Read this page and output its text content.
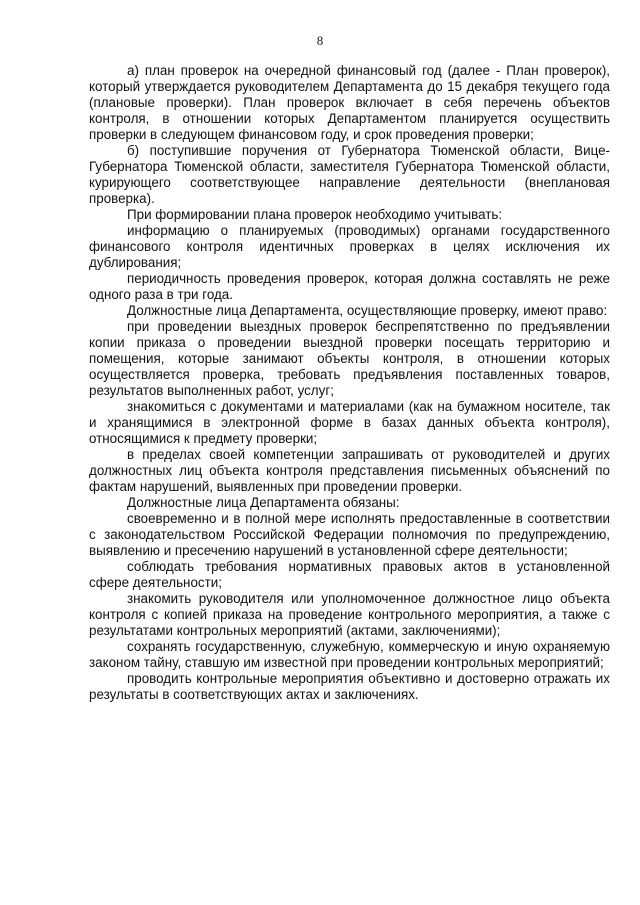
8

а) план проверок на очередной финансовый год (далее - План проверок), который утверждается руководителем Департамента до 15 декабря текущего года (плановые проверки). План проверок включает в себя перечень объектов контроля, в отношении которых Департаментом планируется осуществить проверки в следующем финансовом году, и срок проведения проверки;

б) поступившие поручения от Губернатора Тюменской области, Вице-Губернатора Тюменской области, заместителя Губернатора Тюменской области, курирующего соответствующее направление деятельности (внеплановая проверка).

При формировании плана проверок необходимо учитывать:

информацию о планируемых (проводимых) органами государственного финансового контроля идентичных проверках в целях исключения их дублирования;

периодичность проведения проверок, которая должна составлять не реже одного раза в три года.

Должностные лица Департамента, осуществляющие проверку, имеют право:

при проведении выездных проверок беспрепятственно по предъявлении копии приказа о проведении выездной проверки посещать территорию и помещения, которые занимают объекты контроля, в отношении которых осуществляется проверка, требовать предъявления поставленных товаров, результатов выполненных работ, услуг;

знакомиться с документами и материалами (как на бумажном носителе, так и хранящимися в электронной форме в базах данных объекта контроля), относящимися к предмету проверки;

в пределах своей компетенции запрашивать от руководителей и других должностных лиц объекта контроля представления письменных объяснений по фактам нарушений, выявленных при проведении проверки.

Должностные лица Департамента обязаны:

своевременно и в полной мере исполнять предоставленные в соответствии с законодательством Российской Федерации полномочия по предупреждению, выявлению и пресечению нарушений в установленной сфере деятельности;

соблюдать требования нормативных правовых актов в установленной сфере деятельности;

знакомить руководителя или уполномоченное должностное лицо объекта контроля с копией приказа на проведение контрольного мероприятия, а также с результатами контрольных мероприятий (актами, заключениями);

сохранять государственную, служебную, коммерческую и иную охраняемую законом тайну, ставшую им известной при проведении контрольных мероприятий;

проводить контрольные мероприятия объективно и достоверно отражать их результаты в соответствующих актах и заключениях.
